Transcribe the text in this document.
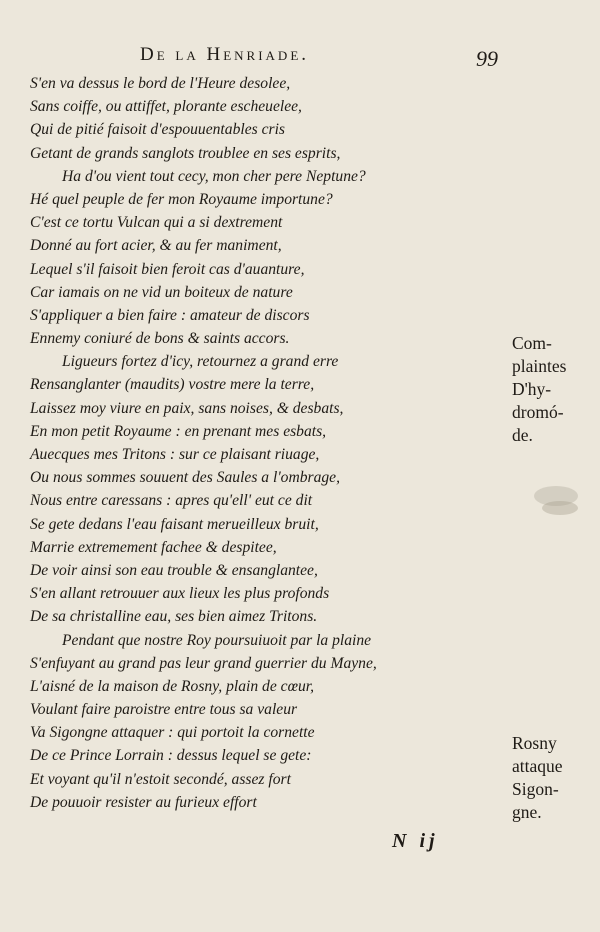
De la Henriade.	99
S'en va dessus le bord de l'Heure desolee,
Sans coiffe, ou attiffet, plorante escheuelee,
Qui de pitié faisoit d'espouuentables cris
Getant de grands sanglots troublee en ses esprits,
Ha d'ou vient tout cecy, mon cher pere Neptune?
Hé quel peuple de fer mon Royaume importune?
C'est ce tortu Vulcan qui a si dextrement
Donné au fort acier, & au fer maniment,
Lequel s'il faisoit bien feroit cas d'auanture,
Car iamais on ne vid un boiteux de nature
S'appliquer a bien faire : amateur de discors
Ennemy coniuré de bons & saints accors.
Ligueurs fortez d'icy, retournez a grand erre
Rensanglanter (maudits) vostre mere la terre,
Laissez moy viure en paix, sans noises, & desbats,
En mon petit Royaume : en prenant mes esbats,
Auecques mes Tritons : sur ce plaisant riuage,
Ou nous sommes souuent des Saules a l'ombrage,
Nous entre caressans : apres qu'ell' eut ce dit
Se gete dedans l'eau faisant merueilleux bruit,
Marrie extremement fachee & despitee,
De voir ainsi son eau trouble & ensanglantee,
S'en allant retrouuer aux lieux les plus profonds
De sa christalline eau, ses bien aimez Tritons.
Pendant que nostre Roy poursuiuoit par la plaine
S'enfuyant au grand pas leur grand guerrier du Mayne,
L'aisné de la maison de Rosny, plain de cœur,
Voulant faire paroistre entre tous sa valeur
Va Sigongne attaquer : qui portoit la cornette
De ce Prince Lorrain : dessus lequel se gete:
Et voyant qu'il n'estoit secondé, assez fort
De pouuoir resister au furieux effort
Com-
plaintes
D'hy-
dromó-
de.
Rosny
attaque
Sigon-
gne.
N ij
